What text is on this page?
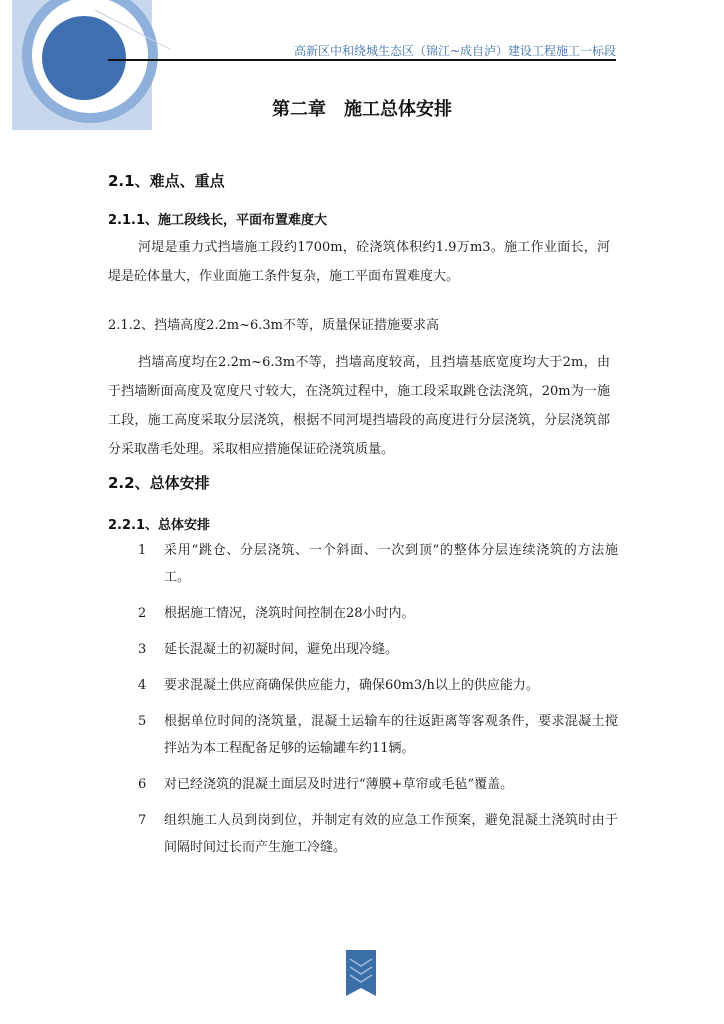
高新区中和绕城生态区（锦江~成自泸）建设工程施工一标段
第二章　施工总体安排
2.1、难点、重点
2.1.1、施工段线长，平面布置难度大
河堤是重力式挡墙施工段约1700m，砼浇筑体积约1.9万m3。施工作业面长，河堤是砼体量大，作业面施工条件复杂，施工平面布置难度大。
2.1.2、挡墙高度2.2m~6.3m不等，质量保证措施要求高
挡墙高度均在2.2m~6.3m不等，挡墙高度较高，且挡墙基底宽度均大于2m，由于挡墙断面高度及宽度尺寸较大，在浇筑过程中，施工段采取跳仓法浇筑，20m为一施工段，施工高度采取分层浇筑，根据不同河堤挡墙段的高度进行分层浇筑，分层浇筑部分采取凿毛处理。采取相应措施保证砼浇筑质量。
2.2、总体安排
2.2.1、总体安排
1	采用“跳仓、分层浇筑、一个斜面、一次到顶”的整体分层连续浇筑的方法施工。
2	根据施工情况，浇筑时间控制在28小时内。
3	延长混凝土的初凝时间，避免出现冷缝。
4	要求混凝土供应商确保供应能力，确保60m3/h以上的供应能力。
5	根据单位时间的浇筑量，混凝土运输车的往返距离等客观条件，要求混凝土搅拌站为本工程配备足够的运输罐车约11辆。
6	对已经浇筑的混凝土面层及时进行“薄膜+草帘或毛毡”覆盖。
7	组织施工人员到岗到位，并制定有效的应急工作预案，避免混凝土浇筑时由于间隔时间过长而产生施工冷缝。
